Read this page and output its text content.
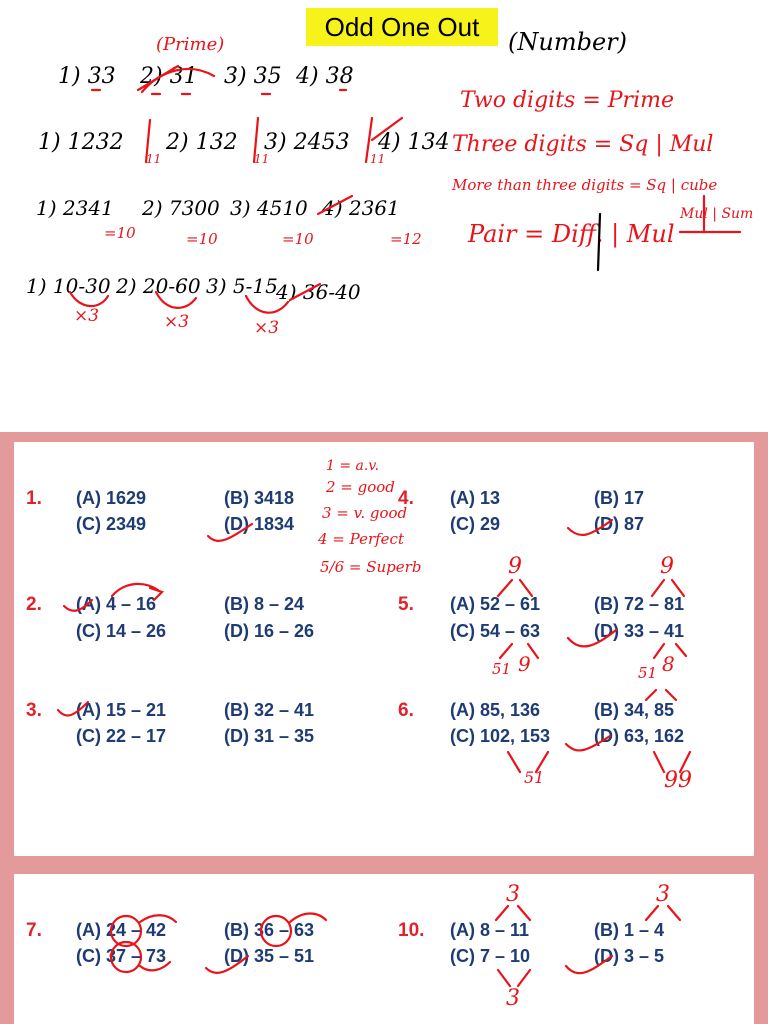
Odd One Out
(Number)
(Prime)
1) 33 2) 31 3) 35 4) 38
1) 1232 2) 132 3) 2453 4) 134
11	11	11
1) 2341 2) 7300 3) 4510 4) 2361
=10	=10	=10	=12
1) 10-30 2) 20-60 3) 5-15
4) 36-40
×3	×3	×3
Two digits = Prime
Three digits = Sq | Mul
More than three digits = Sq | cube
Mul | Sum
Pair = Diff. | Mul
1. (A) 1629	(B) 3418
(C) 2349	(D) 1834
4. (A) 13	(B) 17
(C) 29	(D) 87
2. (A) 4 – 16	(B) 8 – 24
(C) 14 – 26	(D) 16 – 26
5. (A) 52 – 61	(B) 72 – 81
(C) 54 – 63	(D) 33 – 41
3. (A) 15 – 21	(B) 32 – 41
(C) 22 – 17	(D) 31 – 35
6. (A) 85, 136	(B) 34, 85
(C) 102, 153 (D) 63, 162
1 = a.v.
2 = good
3 = v. good
4 = Perfect
5/6 = Superb	9	9
51 9	51 8
51	99
7. (A) 24 – 42	(B) 36 – 63
(C) 37 – 73	(D) 35 – 51
10. (A) 8 – 11	(B) 1 – 4
(C) 7 – 10	(D) 3 – 5
3	3
3
